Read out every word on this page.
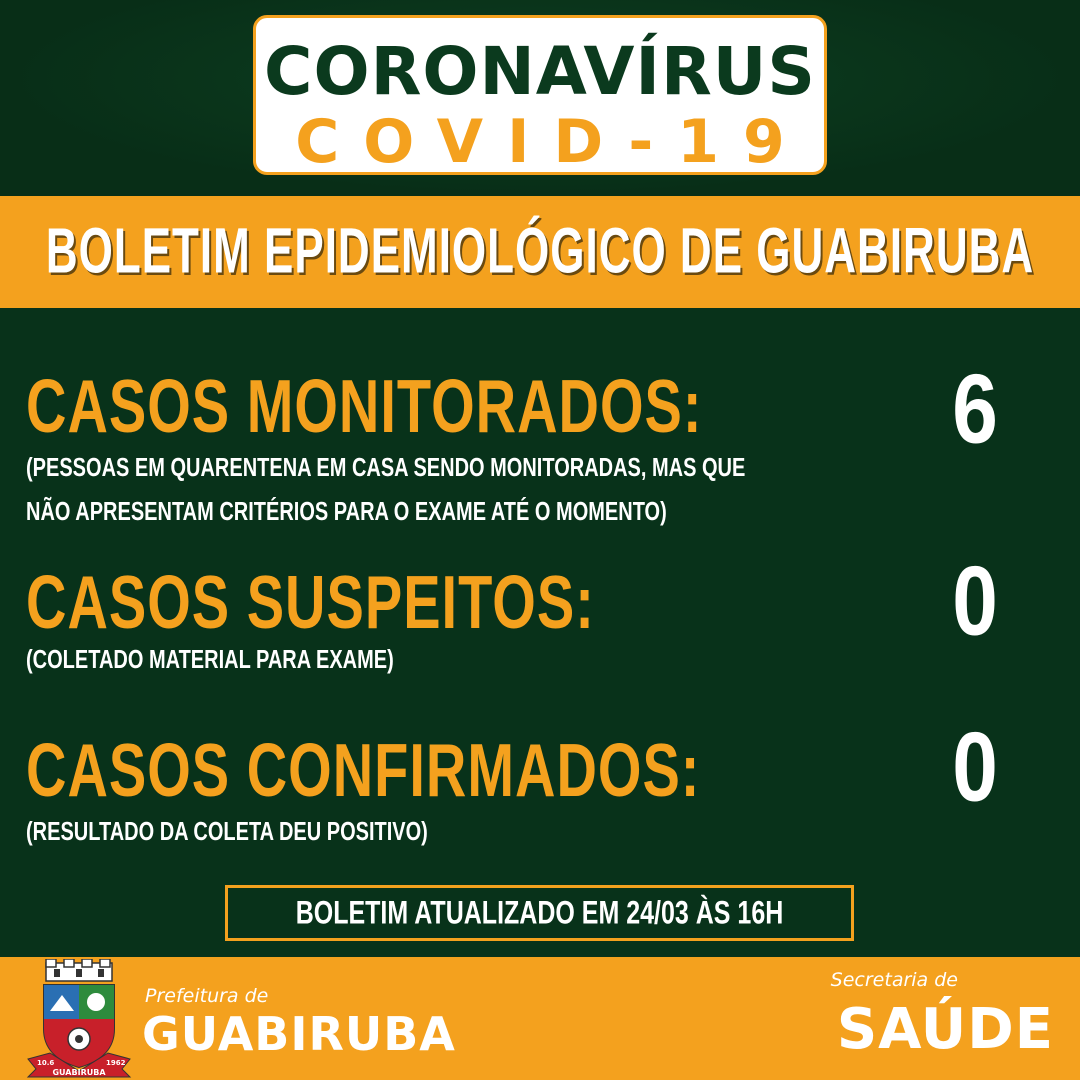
CORONAVÍRUS
COVID-19
BOLETIM EPIDEMIOLÓGICO DE GUABIRUBA
CASOS MONITORADOS:
(PESSOAS EM QUARENTENA EM CASA SENDO MONITORADAS, MAS QUE
NÃO APRESENTAM CRITÉRIOS PARA O EXAME ATÉ O MOMENTO)
6
CASOS SUSPEITOS:
(COLETADO MATERIAL PARA EXAME)
0
CASOS CONFIRMADOS:
(RESULTADO DA COLETA DEU POSITIVO)
0
BOLETIM ATUALIZADO EM 24/03 ÀS 16H
10.6	1962
GUABIRUBA
Prefeitura de
GUABIRUBA
Secretaria de
SAÚDE
